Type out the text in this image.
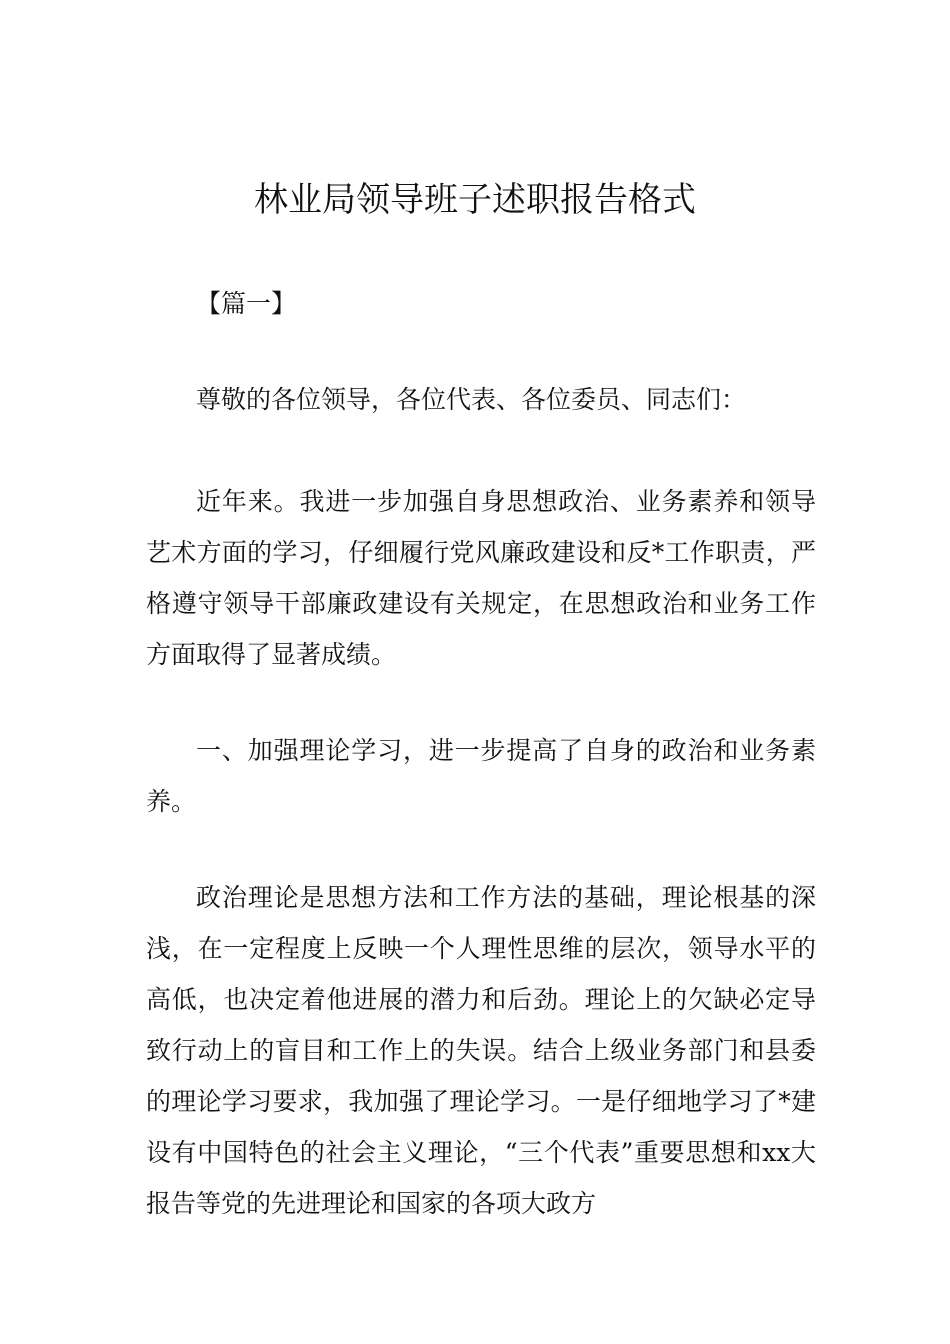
林业局领导班子述职报告格式

【篇一】

尊敬的各位领导，各位代表、各位委员、同志们：

近年来。我进一步加强自身思想政治、业务素养和领导艺术方面的学习，仔细履行党风廉政建设和反*工作职责，严格遵守领导干部廉政建设有关规定，在思想政治和业务工作方面取得了显著成绩。

一、加强理论学习，进一步提高了自身的政治和业务素养。

政治理论是思想方法和工作方法的基础，理论根基的深浅，在一定程度上反映一个人理性思维的层次，领导水平的高低，也决定着他进展的潜力和后劲。理论上的欠缺必定导致行动上的盲目和工作上的失误。结合上级业务部门和县委的理论学习要求，我加强了理论学习。一是仔细地学习了*建设有中国特色的社会主义理论，“三个代表”重要思想和xx大报告等党的先进理论和国家的各项大政方
